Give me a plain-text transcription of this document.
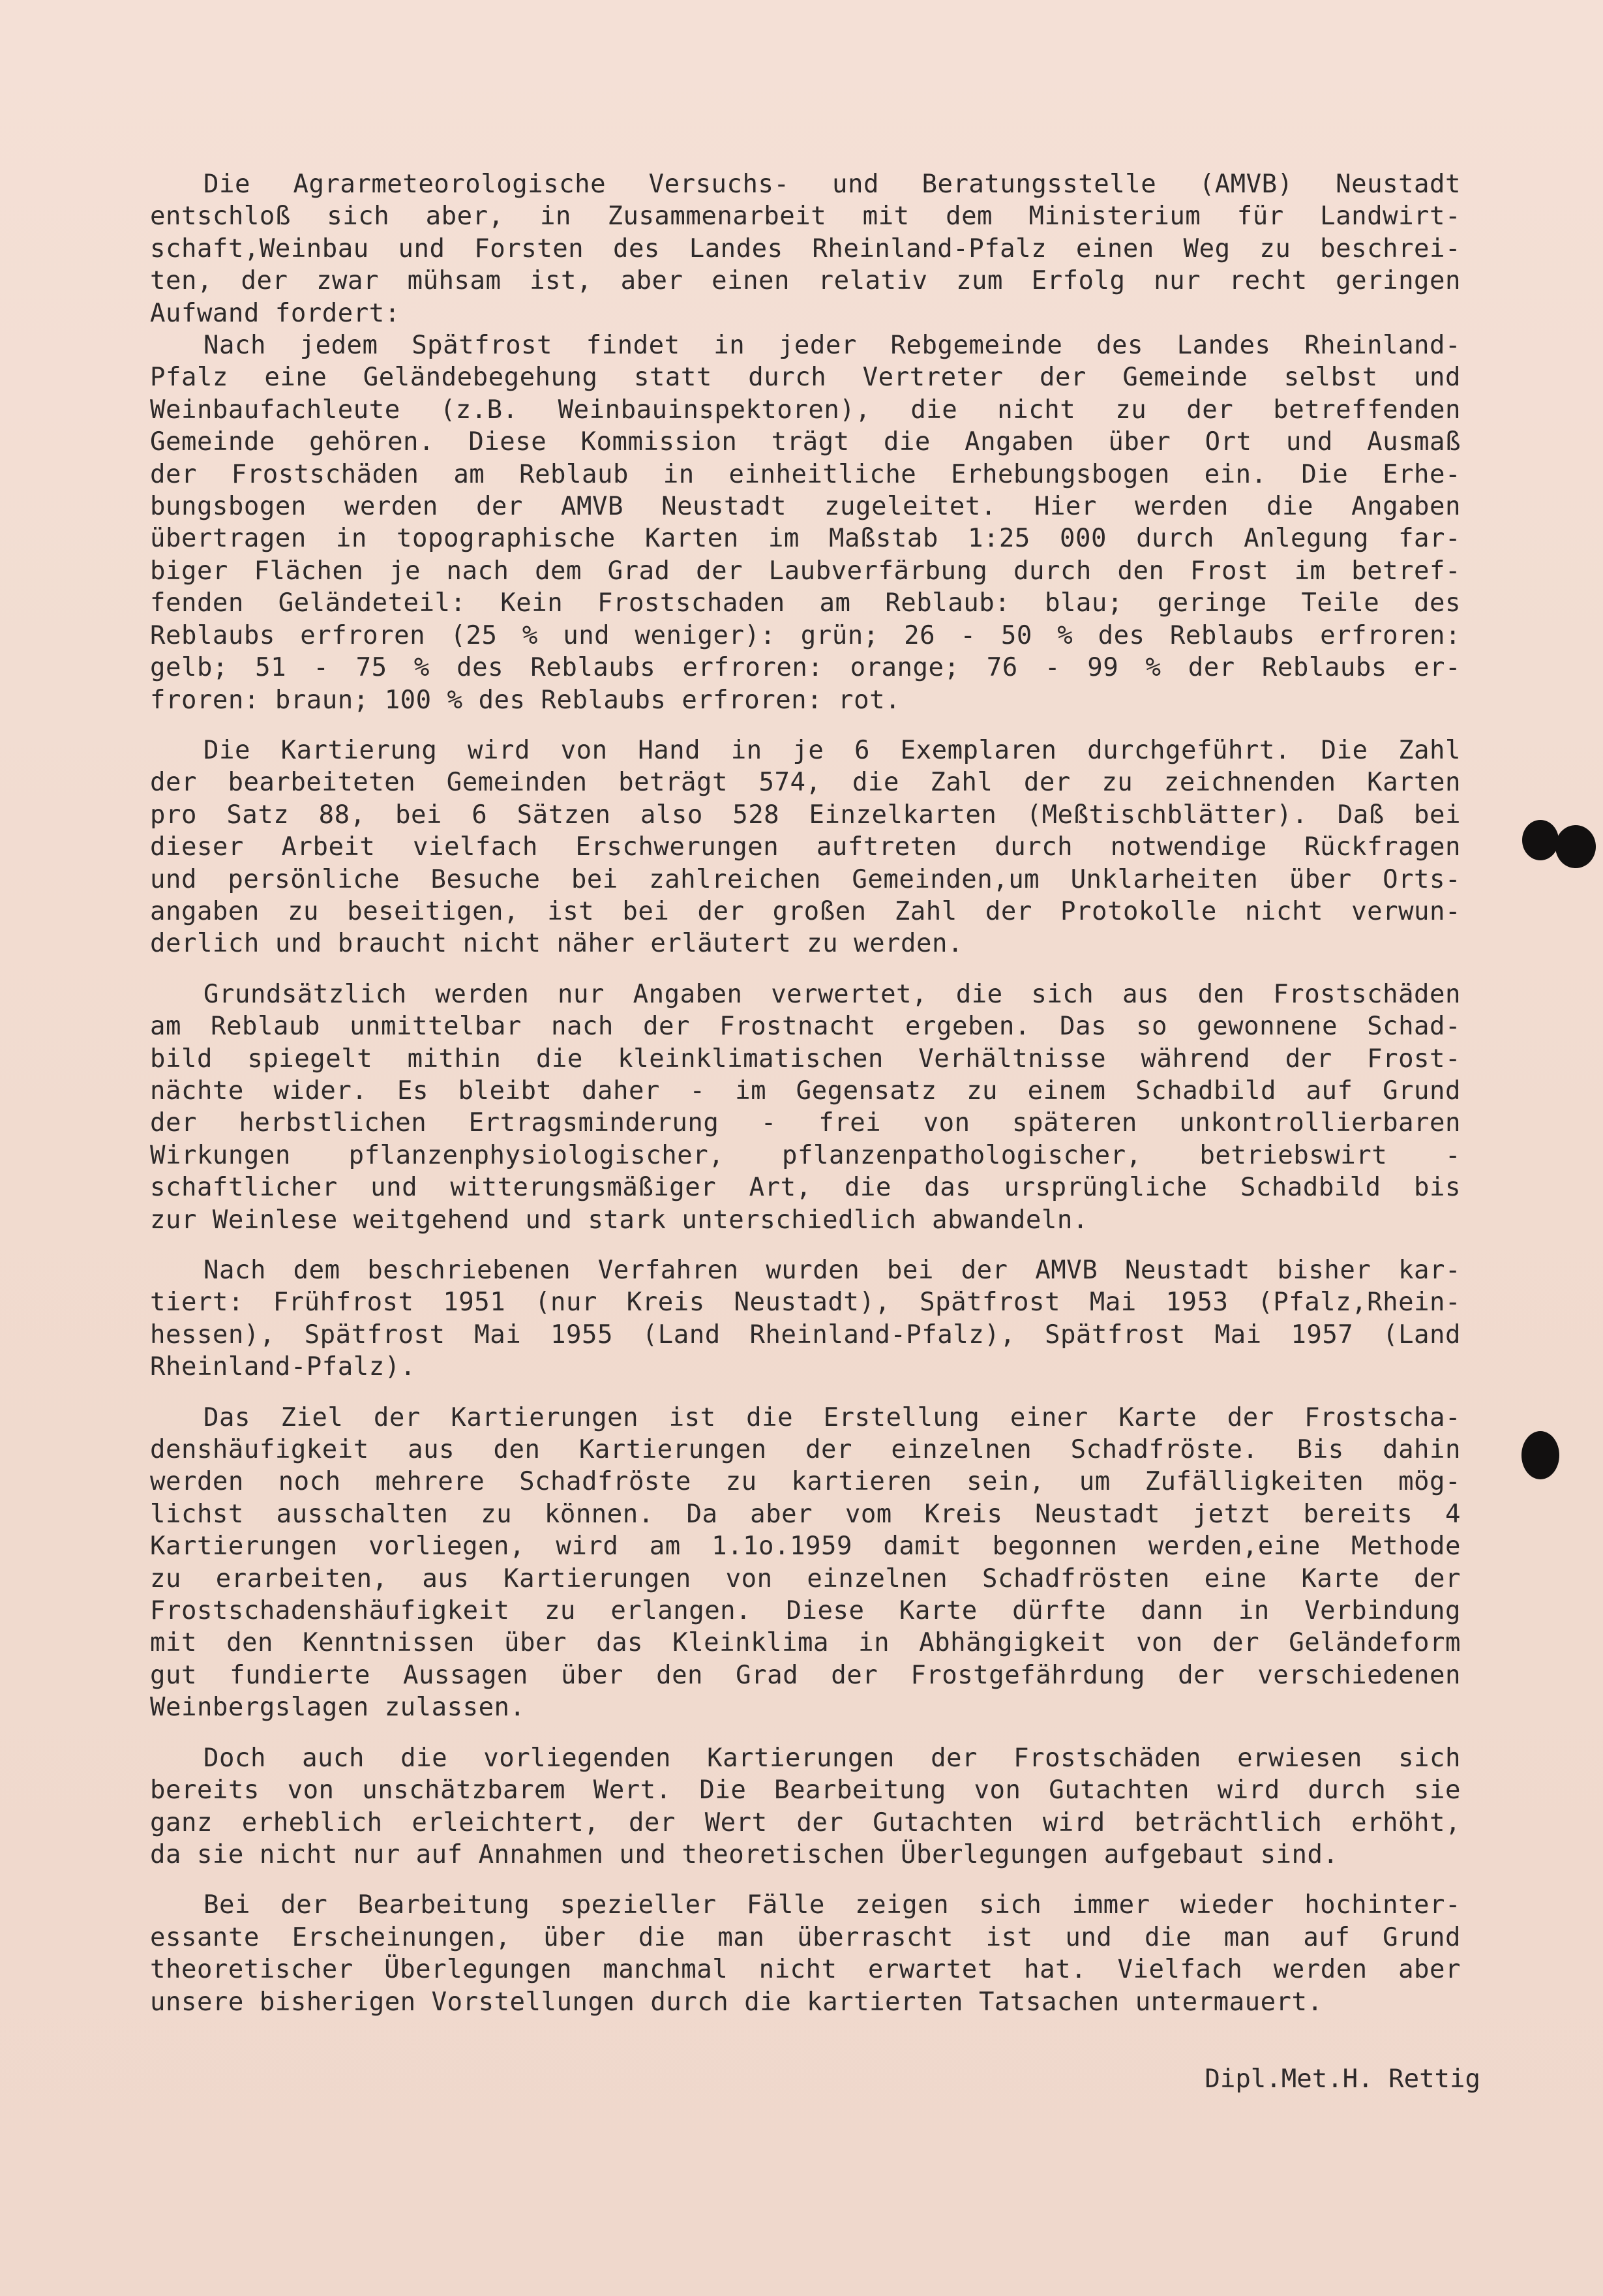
Die Agrarmeteorologische Versuchs- und Beratungsstelle (AMVB) Neustadt
entschloß sich aber, in Zusammenarbeit mit dem Ministerium für Landwirt-
schaft,Weinbau und Forsten des Landes Rheinland-Pfalz einen Weg zu beschrei-
ten, der zwar mühsam ist, aber einen relativ zum Erfolg nur recht geringen
Aufwand fordert:
Nach jedem Spätfrost findet in jeder Rebgemeinde des Landes Rheinland-
Pfalz eine Geländebegehung statt durch Vertreter der Gemeinde selbst und
Weinbaufachleute (z.B. Weinbauinspektoren), die nicht zu der betreffenden
Gemeinde gehören. Diese Kommission trägt die Angaben über Ort und Ausmaß
der Frostschäden am Reblaub in einheitliche Erhebungsbogen ein. Die Erhe-
bungsbogen werden der AMVB Neustadt zugeleitet. Hier werden die Angaben
übertragen in topographische Karten im Maßstab 1:25 000 durch Anlegung far-
biger Flächen je nach dem Grad der Laubverfärbung durch den Frost im betref-
fenden Geländeteil: Kein Frostschaden am Reblaub: blau; geringe Teile des
Reblaubs erfroren (25 % und weniger): grün; 26 - 50 % des Reblaubs erfroren:
gelb; 51 - 75 % des Reblaubs erfroren: orange; 76 - 99 % der Reblaubs er-
froren: braun; 100 % des Reblaubs erfroren: rot.
Die Kartierung wird von Hand in je 6 Exemplaren durchgeführt. Die Zahl
der bearbeiteten Gemeinden beträgt 574, die Zahl der zu zeichnenden Karten
pro Satz 88, bei 6 Sätzen also 528 Einzelkarten (Meßtischblätter). Daß bei
dieser Arbeit vielfach Erschwerungen auftreten durch notwendige Rückfragen
und persönliche Besuche bei zahlreichen Gemeinden,um Unklarheiten über Orts-
angaben zu beseitigen, ist bei der großen Zahl der Protokolle nicht verwun-
derlich und braucht nicht näher erläutert zu werden.
Grundsätzlich werden nur Angaben verwertet, die sich aus den Frostschäden
am Reblaub unmittelbar nach der Frostnacht ergeben. Das so gewonnene Schad-
bild spiegelt mithin die kleinklimatischen Verhältnisse während der Frost-
nächte wider. Es bleibt daher - im Gegensatz zu einem Schadbild auf Grund
der herbstlichen Ertragsminderung - frei von späteren unkontrollierbaren
Wirkungen pflanzenphysiologischer, pflanzenpathologischer, betriebswirt -
schaftlicher und witterungsmäßiger Art, die das ursprüngliche Schadbild bis
zur Weinlese weitgehend und stark unterschiedlich abwandeln.
Nach dem beschriebenen Verfahren wurden bei der AMVB Neustadt bisher kar-
tiert: Frühfrost 1951 (nur Kreis Neustadt), Spätfrost Mai 1953 (Pfalz,Rhein-
hessen), Spätfrost Mai 1955 (Land Rheinland-Pfalz), Spätfrost Mai 1957 (Land
Rheinland-Pfalz).
Das Ziel der Kartierungen ist die Erstellung einer Karte der Frostscha-
denshäufigkeit aus den Kartierungen der einzelnen Schadfröste. Bis dahin
werden noch mehrere Schadfröste zu kartieren sein, um Zufälligkeiten mög-
lichst ausschalten zu können. Da aber vom Kreis Neustadt jetzt bereits 4
Kartierungen vorliegen, wird am 1.1o.1959 damit begonnen werden,eine Methode
zu erarbeiten, aus Kartierungen von einzelnen Schadfrösten eine Karte der
Frostschadenshäufigkeit zu erlangen. Diese Karte dürfte dann in Verbindung
mit den Kenntnissen über das Kleinklima in Abhängigkeit von der Geländeform
gut fundierte Aussagen über den Grad der Frostgefährdung der verschiedenen
Weinbergslagen zulassen.
Doch auch die vorliegenden Kartierungen der Frostschäden erwiesen sich
bereits von unschätzbarem Wert. Die Bearbeitung von Gutachten wird durch sie
ganz erheblich erleichtert, der Wert der Gutachten wird beträchtlich erhöht,
da sie nicht nur auf Annahmen und theoretischen Überlegungen aufgebaut sind.
Bei der Bearbeitung spezieller Fälle zeigen sich immer wieder hochinter-
essante Erscheinungen, über die man überrascht ist und die man auf Grund
theoretischer Überlegungen manchmal nicht erwartet hat. Vielfach werden aber
unsere bisherigen Vorstellungen durch die kartierten Tatsachen untermauert.
Dipl.Met.H. Rettig
